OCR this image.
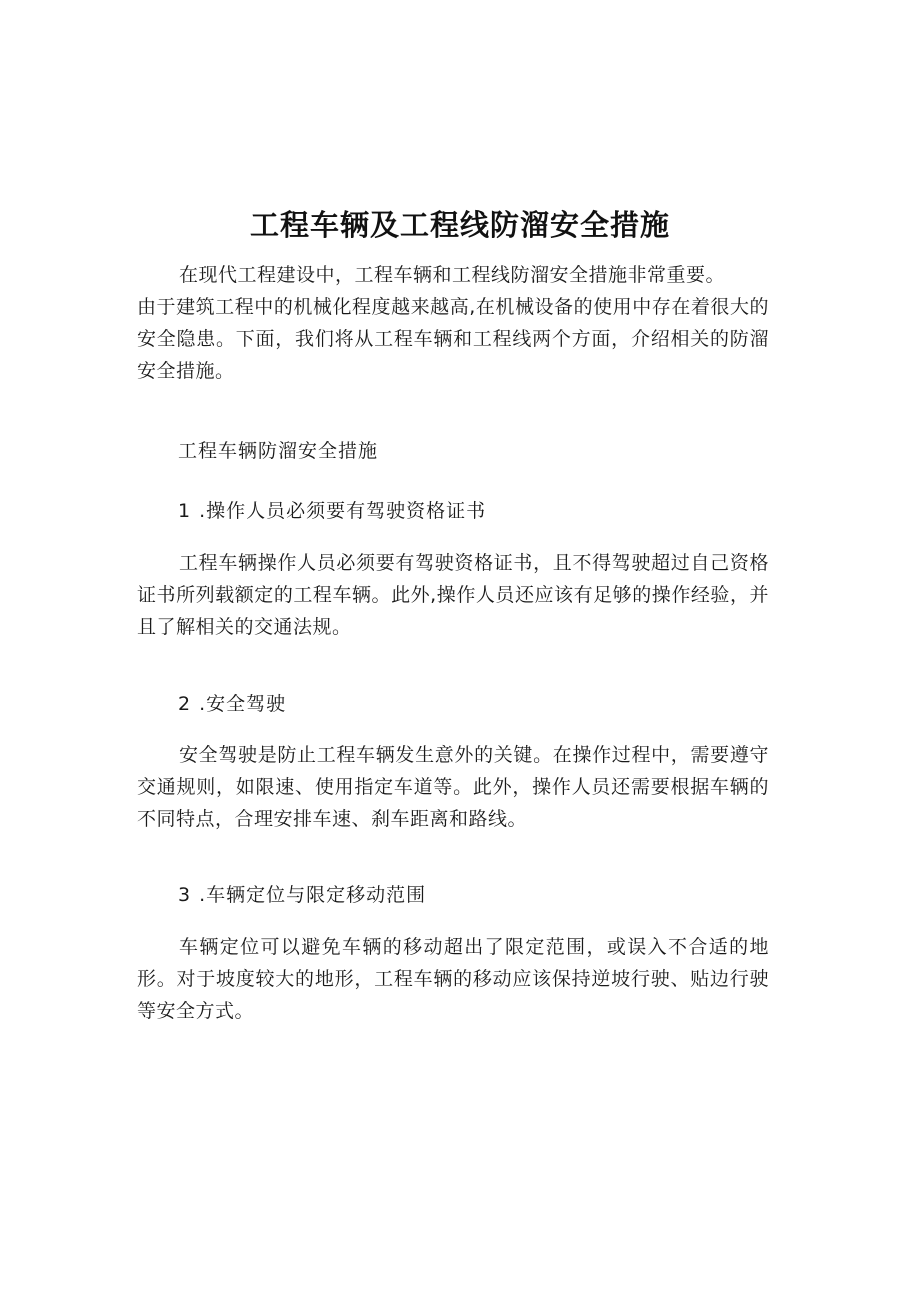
工程车辆及工程线防溜安全措施
在现代工程建设中，工程车辆和工程线防溜安全措施非常重要。
由于建筑工程中的机械化程度越来越高,在机械设备的使用中存在着很大的安全隐患。下面，我们将从工程车辆和工程线两个方面，介绍相关的防溜安全措施。
工程车辆防溜安全措施
1 .操作人员必须要有驾驶资格证书
工程车辆操作人员必须要有驾驶资格证书，且不得驾驶超过自己资格证书所列载额定的工程车辆。此外,操作人员还应该有足够的操作经验，并且了解相关的交通法规。
2 .安全驾驶
安全驾驶是防止工程车辆发生意外的关键。在操作过程中，需要遵守交通规则，如限速、使用指定车道等。此外，操作人员还需要根据车辆的不同特点，合理安排车速、刹车距离和路线。
3 .车辆定位与限定移动范围
车辆定位可以避免车辆的移动超出了限定范围，或误入不合适的地形。对于坡度较大的地形，工程车辆的移动应该保持逆坡行驶、贴边行驶等安全方式。
